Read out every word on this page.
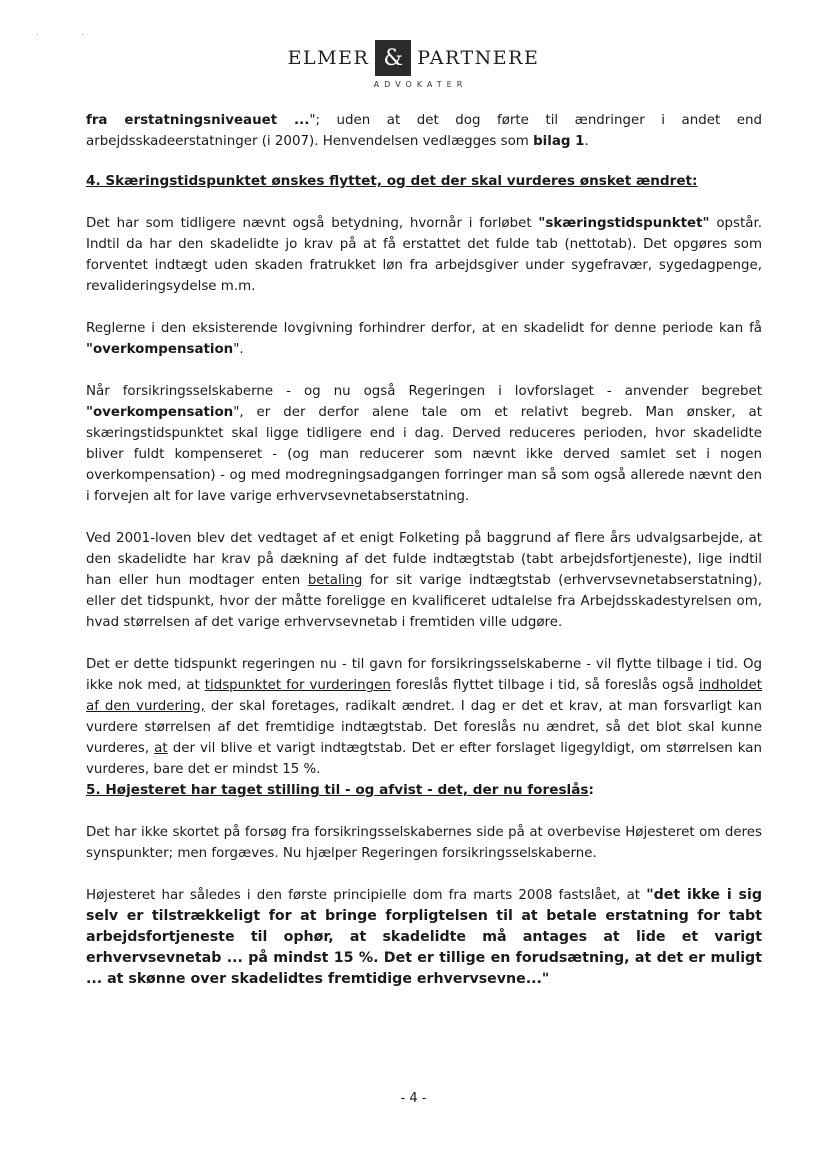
. .
ELMER & PARTNERE
ADVOKATER

fra erstatningsniveauet ..."; uden at det dog førte til ændringer i andet end arbejdsskadeerstatninger (i 2007). Henvendelsen vedlægges som bilag 1.

4. Skæringstidspunktet ønskes flyttet, og det der skal vurderes ønsket ændret:

Det har som tidligere nævnt også betydning, hvornår i forløbet "skæringstidspunktet" opstår. Indtil da har den skadelidte jo krav på at få erstattet det fulde tab (nettotab). Det opgøres som forventet indtægt uden skaden fratrukket løn fra arbejdsgiver under sygefravær, sygedagpenge, revalideringsydelse m.m.

Reglerne i den eksisterende lovgivning forhindrer derfor, at en skadelidt for denne periode kan få "overkompensation".

Når forsikringsselskaberne - og nu også Regeringen i lovforslaget - anvender begrebet "overkompensation", er der derfor alene tale om et relativt begreb. Man ønsker, at skæringstidspunktet skal ligge tidligere end i dag. Derved reduceres perioden, hvor skadelidte bliver fuldt kompenseret - (og man reducerer som nævnt ikke derved samlet set i nogen overkompensation) - og med modregningsadgangen forringer man så som også allerede nævnt den i forvejen alt for lave varige erhvervsevnetabserstatning.

Ved 2001-loven blev det vedtaget af et enigt Folketing på baggrund af flere års udvalgsarbejde, at den skadelidte har krav på dækning af det fulde indtægtstab (tabt arbejdsfortjeneste), lige indtil han eller hun modtager enten betaling for sit varige indtægtstab (erhvervsevnetabserstatning), eller det tidspunkt, hvor der måtte foreligge en kvalificeret udtalelse fra Arbejdsskadestyrelsen om, hvad størrelsen af det varige erhvervsevnetab i fremtiden ville udgøre.

Det er dette tidspunkt regeringen nu - til gavn for forsikringsselskaberne - vil flytte tilbage i tid. Og ikke nok med, at tidspunktet for vurderingen foreslås flyttet tilbage i tid, så foreslås også indholdet af den vurdering, der skal foretages, radikalt ændret. I dag er det et krav, at man forsvarligt kan vurdere størrelsen af det fremtidige indtægtstab. Det foreslås nu ændret, så det blot skal kunne vurderes, at der vil blive et varigt indtægtstab. Det er efter forslaget ligegyldigt, om størrelsen kan vurderes, bare det er mindst 15 %.

5. Højesteret har taget stilling til - og afvist - det, der nu foreslås:

Det har ikke skortet på forsøg fra forsikringsselskabernes side på at overbevise Højesteret om deres synspunkter; men forgæves. Nu hjælper Regeringen forsikringsselskaberne.

Højesteret har således i den første principielle dom fra marts 2008 fastslået, at "det ikke i sig selv er tilstrækkeligt for at bringe forpligtelsen til at betale erstatning for tabt arbejdsfortjeneste til ophør, at skadelidte må antages at lide et varigt erhvervsevnetab ... på mindst 15 %. Det er tillige en forudsætning, at det er muligt ... at skønne over skadelidtes fremtidige erhvervsevne..."

- 4 -
